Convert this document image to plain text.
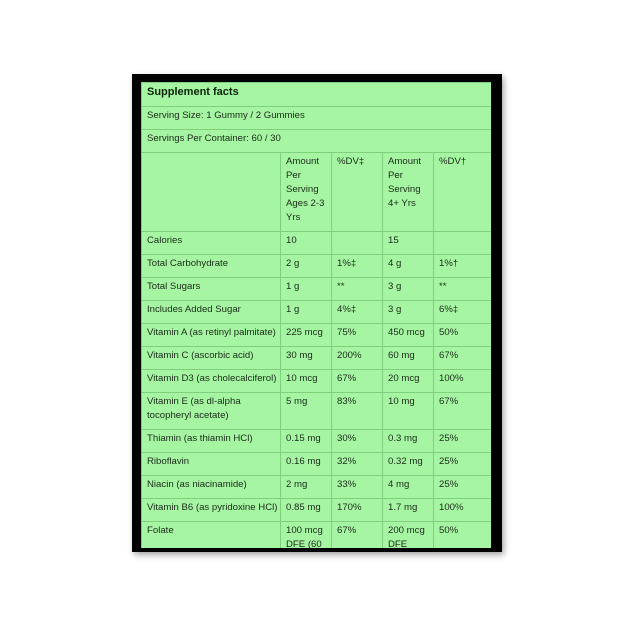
Supplement facts				
Serving Size: 1 Gummy / 2 Gummies				
Servings Per Container: 60 / 30				
	Amount Per Serving Ages 2-3 Yrs	%DV‡	Amount Per Serving 4+ Yrs	%DV†
Calories	10		15	
Total Carbohydrate	2 g	1%‡	4 g	1%†
Total Sugars	1 g	**	3 g	**
Includes Added Sugar	1 g	4%‡	3 g	6%‡
Vitamin A (as retinyl palmitate)	225 mcg	75%	450 mcg	50%
Vitamin C (ascorbic acid)	30 mg	200%	60 mg	67%
Vitamin D3 (as cholecalciferol)	10 mcg	67%	20 mcg	100%
Vitamin E (as dl-alpha tocopheryl acetate)	5 mg	83%	10 mg	67%
Thiamin (as thiamin HCl)	0.15 mg	30%	0.3 mg	25%
Riboflavin	0.16 mg	32%	0.32 mg	25%
Niacin (as niacinamide)	2 mg	33%	4 mg	25%
Vitamin B6 (as pyridoxine HCl)	0.85 mg	170%	1.7 mg	100%
Folate	100 mcg DFE (60	67%	200 mcg DFE	50%
